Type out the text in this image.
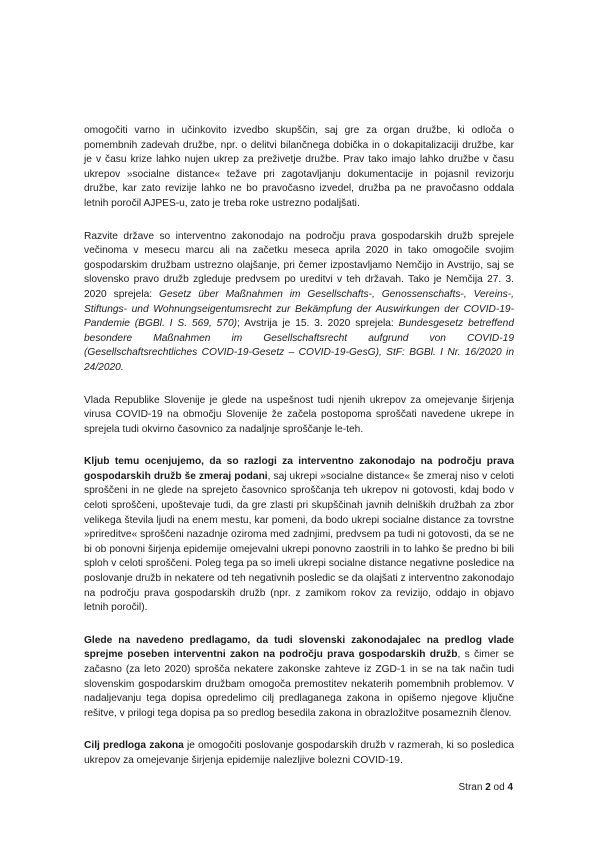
omogočiti varno in učinkovito izvedbo skupščin, saj gre za organ družbe, ki odloča o pomembnih zadevah družbe, npr. o delitvi bilančnega dobička in o dokapitalizaciji družbe, kar je v času krize lahko nujen ukrep za preživetje družbe. Prav tako imajo lahko družbe v času ukrepov »socialne distance« težave pri zagotavljanju dokumentacije in pojasnil revizorju družbe, kar zato revizije lahko ne bo pravočasno izvedel, družba pa ne pravočasno oddala letnih poročil AJPES-u, zato je treba roke ustrezno podaljšati.

Razvite države so interventno zakonodajo na področju prava gospodarskih družb sprejele večinoma v mesecu marcu ali na začetku meseca aprila 2020 in tako omogočile svojim gospodarskim družbam ustrezno olajšanje, pri čemer izpostavljamo Nemčijo in Avstrijo, saj se slovensko pravo družb zgleduje predvsem po ureditvi v teh državah. Tako je Nemčija 27. 3. 2020 sprejela: Gesetz über Maßnahmen im Gesellschafts-, Genossenschafts-, Vereins-, Stiftungs- und Wohnungseigentumsrecht zur Bekämpfung der Auswirkungen der COVID-19-Pandemie (BGBl. I S. 569, 570); Avstrija je 15. 3. 2020 sprejela: Bundesgesetz betreffend besondere Maßnahmen im Gesellschaftsrecht aufgrund von COVID-19 (Gesellschaftsrechtliches COVID-19-Gesetz – COVID-19-GesG), StF: BGBl. I Nr. 16/2020 in 24/2020.

Vlada Republike Slovenije je glede na uspešnost tudi njenih ukrepov za omejevanje širjenja virusa COVID-19 na območju Slovenije že začela postopoma sproščati navedene ukrepe in sprejela tudi okvirno časovnico za nadaljnje sproščanje le-teh.

Kljub temu ocenjujemo, da so razlogi za interventno zakonodajo na področju prava gospodarskih družb še zmeraj podani, saj ukrepi »socialne distance« še zmeraj niso v celoti sproščeni in ne glede na sprejeto časovnico sproščanja teh ukrepov ni gotovosti, kdaj bodo v celoti sproščeni, upoštevaje tudi, da gre zlasti pri skupščinah javnih delniških družbah za zbor velikega števila ljudi na enem mestu, kar pomeni, da bodo ukrepi socialne distance za tovrstne »prireditve« sproščeni nazadnje oziroma med zadnjimi, predvsem pa tudi ni gotovosti, da se ne bi ob ponovni širjenja epidemije omejevalni ukrepi ponovno zaostrili in to lahko še predno bi bili sploh v celoti sproščeni. Poleg tega pa so imeli ukrepi socialne distance negativne posledice na poslovanje družb in nekatere od teh negativnih posledic se da olajšati z interventno zakonodajo na področju prava gospodarskih družb (npr. z zamikom rokov za revizijo, oddajo in objavo letnih poročil).

Glede na navedeno predlagamo, da tudi slovenski zakonodajalec na predlog vlade sprejme poseben interventni zakon na področju prava gospodarskih družb, s čimer se začasno (za leto 2020) sprošča nekatere zakonske zahteve iz ZGD-1 in se na tak način tudi slovenskim gospodarskim družbam omogoča premostitev nekaterih pomembnih problemov. V nadaljevanju tega dopisa opredelimo cilj predlaganega zakona in opišemo njegove ključne rešitve, v prilogi tega dopisa pa so predlog besedila zakona in obrazložitve posameznih členov.

Cilj predloga zakona je omogočiti poslovanje gospodarskih družb v razmerah, ki so posledica ukrepov za omejevanje širjenja epidemije nalezljive bolezni COVID-19.

Stran 2 od 4
